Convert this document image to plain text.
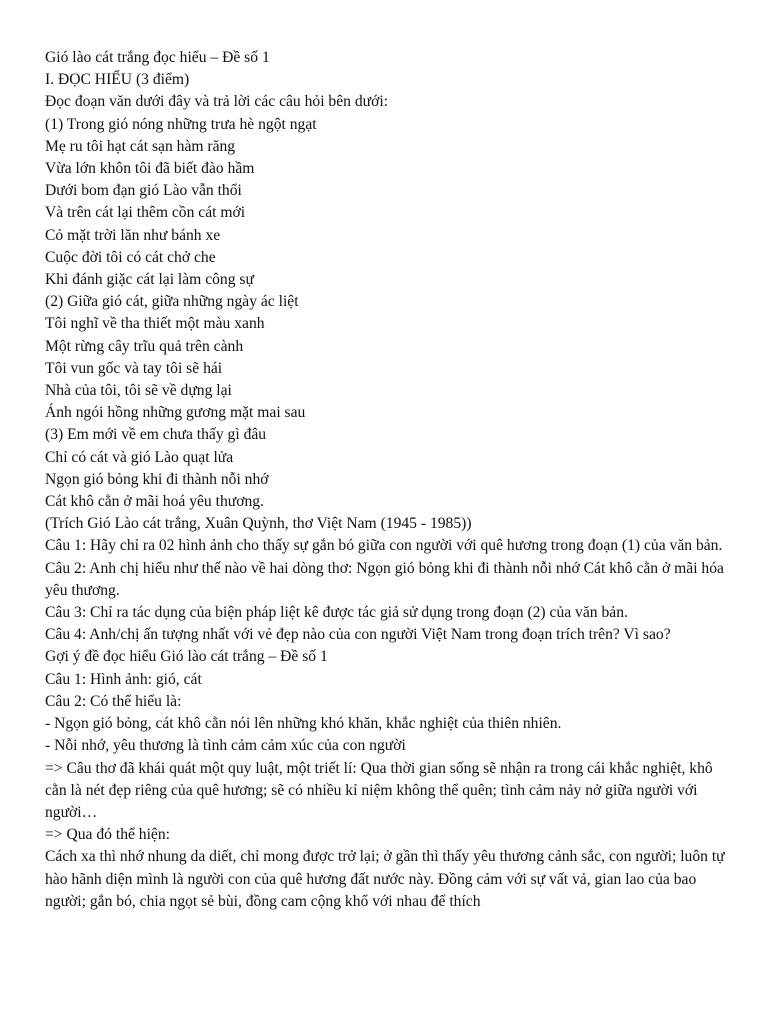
Gió lào cát trắng đọc hiểu – Đề số 1

I. ĐỌC HIỂU (3 điểm)

Đọc đoạn văn dưới đây và trả lời các câu hỏi bên dưới:

(1) Trong gió nóng những trưa hè ngột ngạt

Mẹ ru tôi hạt cát sạn hàm răng

Vừa lớn khôn tôi đã biết đào hầm

Dưới bom đạn gió Lào vẫn thổi

Và trên cát lại thêm cồn cát mới

Cỏ mặt trời lăn như bánh xe

Cuộc đời tôi có cát chở che

Khi đánh giặc cát lại làm công sự

(2) Giữa gió cát, giữa những ngày ác liệt

Tôi nghĩ về tha thiết một màu xanh

Một rừng cây trĩu quả trên cành

Tôi vun gốc và tay tôi sẽ hái

Nhà của tôi, tôi sẽ về dựng lại

Ánh ngói hồng những gương mặt mai sau

(3) Em mới về em chưa thấy gì đâu

Chỉ có cát và gió Lào quạt lửa

Ngọn gió bỏng khi đi thành nỗi nhớ

Cát khô cằn ở mãi hoá yêu thương.

(Trích Gió Lào cát trắng, Xuân Quỳnh, thơ Việt Nam (1945 - 1985))

Câu 1: Hãy chỉ ra 02 hình ảnh cho thấy sự gắn bó giữa con người với quê hương trong đoạn (1) của văn bản.

Câu 2: Anh chị hiểu như thế nào về hai dòng thơ: Ngọn gió bỏng khi đi thành nỗi nhớ Cát khô cằn ở mãi hóa yêu thương.

Câu 3: Chỉ ra tác dụng của biện pháp liệt kê được tác giả sử dụng trong đoạn (2) của văn bản.

Câu 4: Anh/chị ấn tượng nhất với vẻ đẹp nào của con người Việt Nam trong đoạn trích trên? Vì sao?

Gợi ý đề đọc hiểu Gió lào cát trắng – Đề số 1

Câu 1: Hình ảnh: gió, cát

Câu 2: Có thể hiểu là:

- Ngọn gió bỏng, cát khô cằn nói lên những khó khăn, khắc nghiệt của thiên nhiên.

- Nỗi nhớ, yêu thương là tình cảm cảm xúc của con người

=> Câu thơ đã khái quát một quy luật, một triết lí: Qua thời gian sống sẽ nhận ra trong cái khắc nghiệt, khô cằn là nét đẹp riêng của quê hương; sẽ có nhiều kỉ niệm không thể quên; tình cảm nảy nở giữa người với người…

=> Qua đó thể hiện:

Cách xa thì nhớ nhung da diết, chỉ mong được trở lại; ở gần thì thấy yêu thương cảnh sắc, con người; luôn tự hào hãnh diện mình là người con của quê hương đất nước này. Đồng cảm với sự vất vả, gian lao của bao người; gắn bó, chia ngọt sẻ bùi, đồng cam cộng khổ với nhau để thích
